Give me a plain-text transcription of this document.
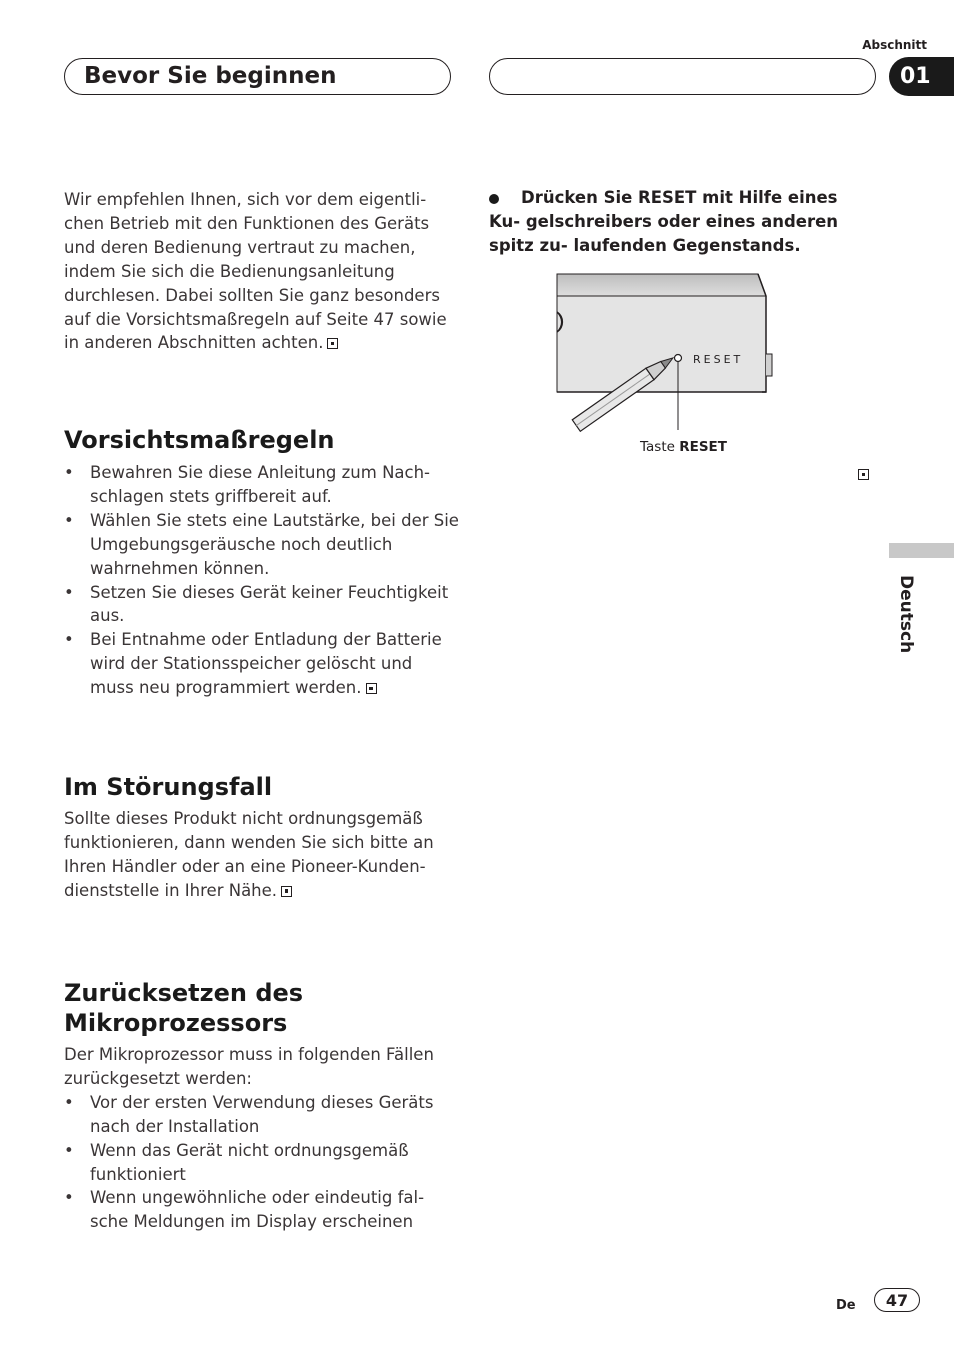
Abschnitt
01
Bevor Sie beginnen
Deutsch

Wir empfehlen Ihnen, sich vor dem eigentli- chen Betrieb mit den Funktionen des Geräts und deren Bedienung vertraut zu machen, indem Sie sich die Bedienungsanleitung durchlesen. Dabei sollten Sie ganz besonders auf die Vorsichtsmaßregeln auf Seite 47 sowie in anderen Abschnitten achten.

Vorsichtsmaßregeln
• Bewahren Sie diese Anleitung zum Nach- schlagen stets griffbereit auf.
• Wählen Sie stets eine Lautstärke, bei der Sie Umgebungsgeräusche noch deutlich wahrnehmen können.
• Setzen Sie dieses Gerät keiner Feuchtigkeit aus.
• Bei Entnahme oder Entladung der Batterie wird der Stationsspeicher gelöscht und muss neu programmiert werden.
Im Störungsfall

Sollte dieses Produkt nicht ordnungsgemäß funktionieren, dann wenden Sie sich bitte an Ihren Händler oder an eine Pioneer-Kunden- dienststelle in Ihrer Nähe.

Zurücksetzen des
Mikroprozessors

Der Mikroprozessor muss in folgenden Fällen zurückgesetzt werden:

• Vor der ersten Verwendung dieses Geräts nach der Installation
• Wenn das Gerät nicht ordnungsgemäß funktioniert
• Wenn ungewöhnliche oder eindeutig fal- sche Meldungen im Display erscheinen

Drücken Sie RESET mit Hilfe eines Ku- gelschreibers oder eines anderen spitz zu- laufenden Gegenstands.

RESET
Taste RESET
De	47
